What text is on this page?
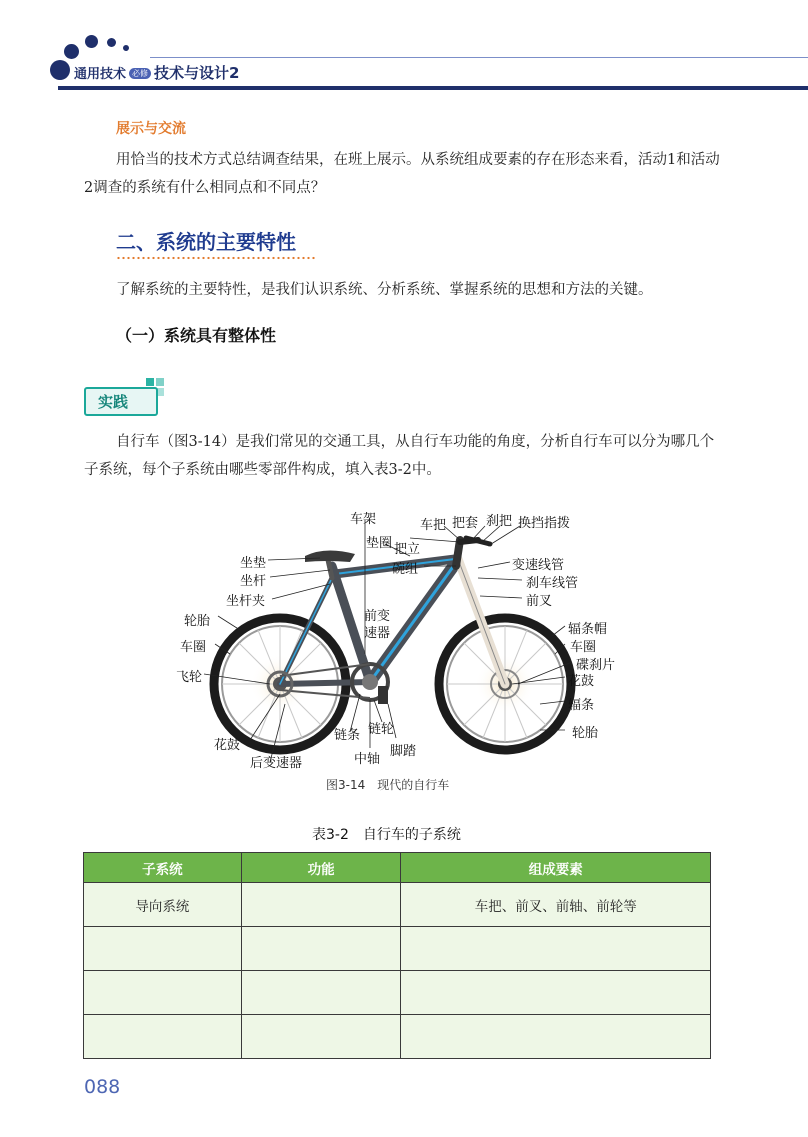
通用技术 必修 技术与设计2
展示与交流
用恰当的技术方式总结调查结果，在班上展示。从系统组成要素的存在形态来看，活动1和活动2调查的系统有什么相同点和不同点？
二、系统的主要特性
了解系统的主要特性，是我们认识系统、分析系统、掌握系统的思想和方法的关键。
（一）系统具有整体性
实践
自行车（图3-14）是我们常见的交通工具，从自行车功能的角度，分析自行车可以分为哪几个子系统，每个子系统由哪些零部件构成，填入表3-2中。
车架	车把 把套 刹把 换挡指拨
垫圈 把立
碗组	变速线管
刹车线管
前叉
坐垫
坐杆
坐杆夹
轮胎
车圈
前变
速器	辐条帽
车圈
飞轮
碟刹片
花鼓
辐条
花鼓
链条 链轮	轮胎
中轴
脚踏
后变速器
图3-14　现代的自行车
表3-2　自行车的子系统
子系统	功能	组成要素
导向系统		车把、前叉、前轴、前轮等

088
